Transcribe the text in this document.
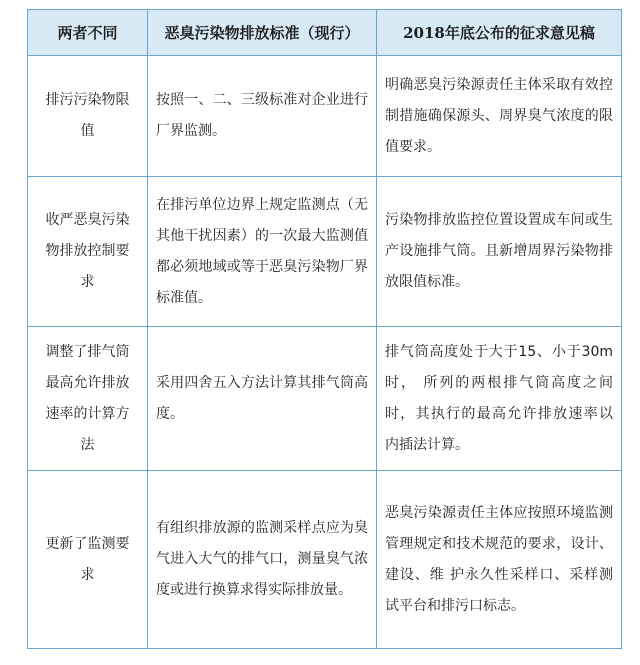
两者不同	恶臭污染物排放标准（现行）	2018年底公布的征求意见稿
排污污染物限值	按照一、二、三级标准对企业进行厂界监测。	明确恶臭污染源责任主体采取有效控制措施确保源头、周界臭气浓度的限值要求。
收严恶臭污染物排放控制要求	在排污单位边界上规定监测点（无其他干扰因素）的一次最大监测值都必须地域或等于恶臭污染物厂界标准值。	污染物排放监控位置设置成车间或生产设施排气筒。且新增周界污染物排放限值标准。
调整了排气筒最高允许排放速率的计算方法	采用四舍五入方法计算其排气筒高度。	排气筒高度处于大于15、小于30m时， 所列的两根排气筒高度之间时，其执行的最高允许排放速率以 内插法计算。
更新了监测要求	有组织排放源的监测采样点应为臭气进入大气的排气口，测量臭气浓度或进行换算求得实际排放量。	恶臭污染源责任主体应按照环境监测管理规定和技术规范的要求，设计、建设、维 护永久性采样口、采样测试平台和排污口标志。
